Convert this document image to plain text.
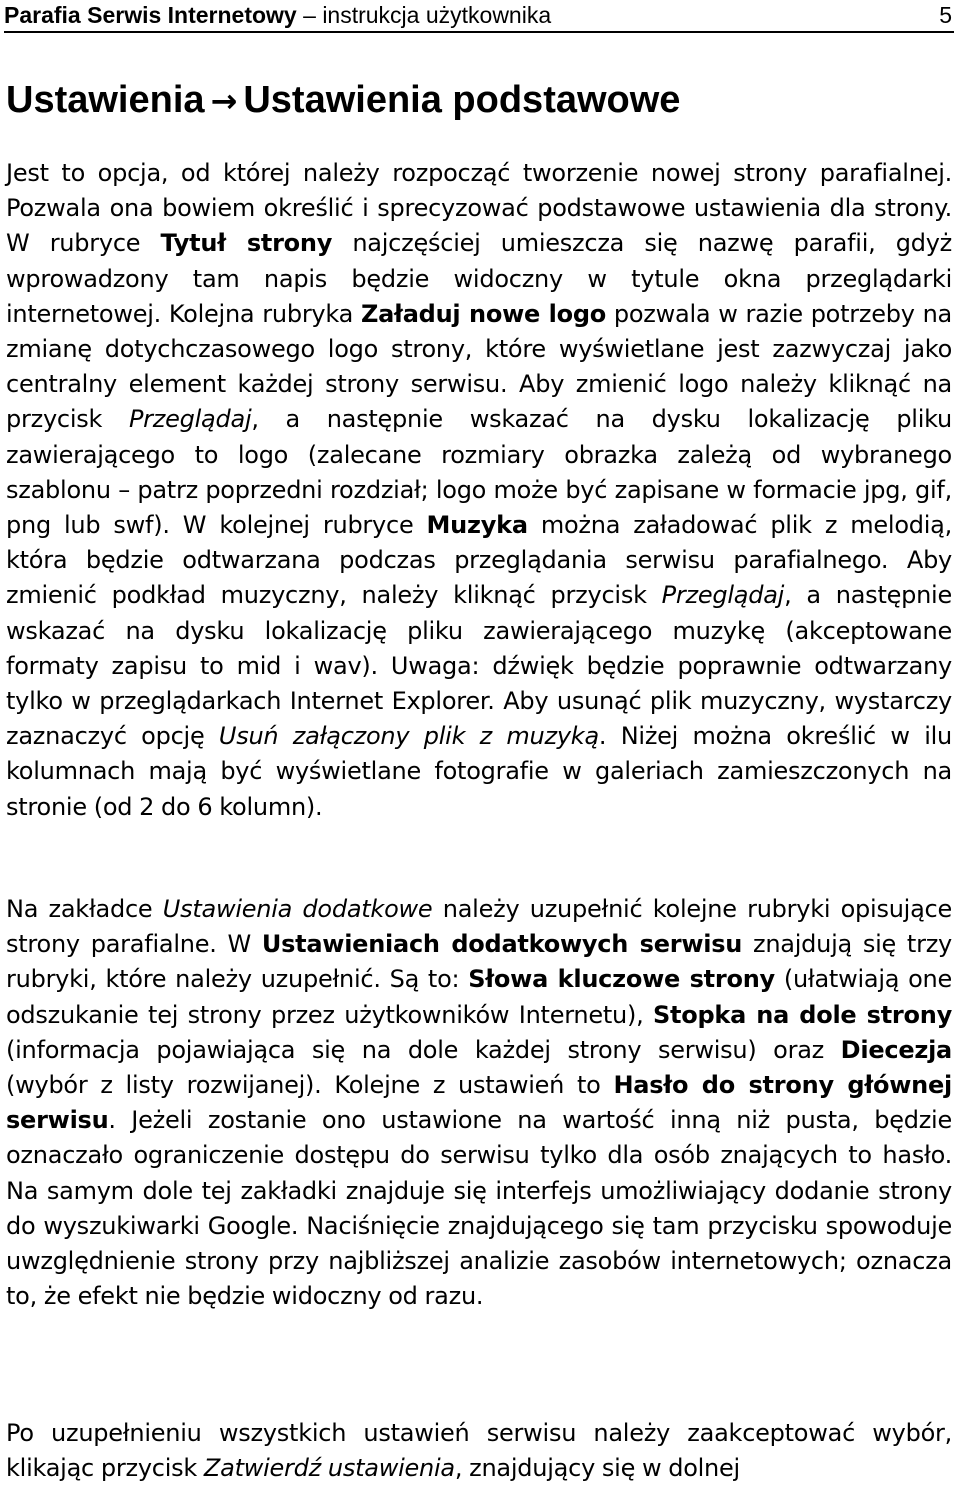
Parafia Serwis Internetowy – instrukcja użytkownika	5
Ustawienia → Ustawienia podstawowe

Jest to opcja, od której należy rozpocząć tworzenie nowej strony parafialnej. Pozwala ona bowiem określić i sprecyzować podstawowe ustawienia dla strony. W rubryce Tytuł strony najczęściej umieszcza się nazwę parafii, gdyż wprowadzony tam napis będzie widoczny w tytule okna przeglądarki internetowej. Kolejna rubryka Załaduj nowe logo pozwala w razie potrzeby na zmianę dotychczasowego logo strony, które wyświetlane jest zazwyczaj jako centralny element każdej strony serwisu. Aby zmienić logo należy kliknąć na przycisk Przeglądaj, a następnie wskazać na dysku lokalizację pliku zawierającego to logo (zalecane rozmiary obrazka zależą od wybranego szablonu – patrz poprzedni rozdział; logo może być zapisane w formacie jpg, gif, png lub swf). W kolejnej rubryce Muzyka można załadować plik z melodią, która będzie odtwarzana podczas przeglądania serwisu parafialnego. Aby zmienić podkład muzyczny, należy kliknąć przycisk Przeglądaj, a następnie wskazać na dysku lokalizację pliku zawierającego muzykę (akceptowane formaty zapisu to mid i wav). Uwaga: dźwięk będzie poprawnie odtwarzany tylko w przeglądarkach Internet Explorer. Aby usunąć plik muzyczny, wystarczy zaznaczyć opcję Usuń załączony plik z muzyką. Niżej można określić w ilu kolumnach mają być wyświetlane fotografie w galeriach zamieszczonych na stronie (od 2 do 6 kolumn).

Na zakładce Ustawienia dodatkowe należy uzupełnić kolejne rubryki opisujące strony parafialne. W Ustawieniach dodatkowych serwisu znajdują się trzy rubryki, które należy uzupełnić. Są to: Słowa kluczowe strony (ułatwiają one odszukanie tej strony przez użytkowników Internetu), Stopka na dole strony (informacja pojawiająca się na dole każdej strony serwisu) oraz Diecezja (wybór z listy rozwijanej). Kolejne z ustawień to Hasło do strony głównej serwisu. Jeżeli zostanie ono ustawione na wartość inną niż pusta, będzie oznaczało ograniczenie dostępu do serwisu tylko dla osób znających to hasło. Na samym dole tej zakładki znajduje się interfejs umożliwiający dodanie strony do wyszukiwarki Google. Naciśnięcie znajdującego się tam przycisku spowoduje uwzględnienie strony przy najbliższej analizie zasobów internetowych; oznacza to, że efekt nie będzie widoczny od razu.

Po uzupełnieniu wszystkich ustawień serwisu należy zaakceptować wybór, klikając przycisk Zatwierdź ustawienia, znajdujący się w dolnej
